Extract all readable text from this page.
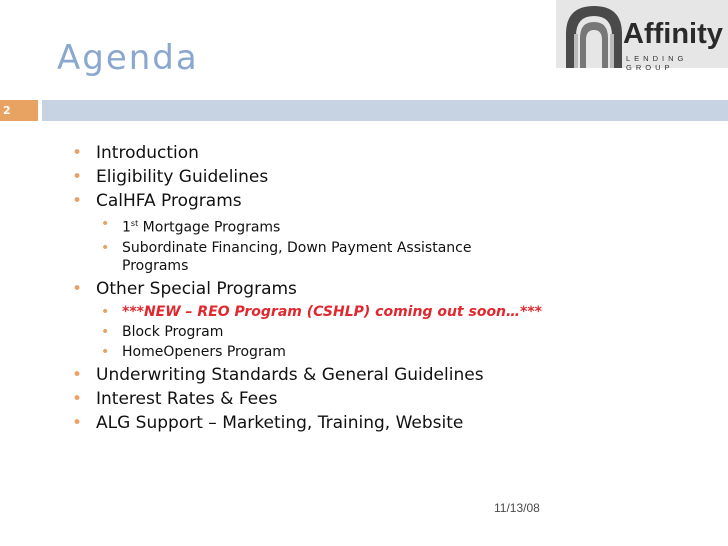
Agenda
Affinity
LENDING GROUP
2
• Introduction
• Eligibility Guidelines
• CalHFA Programs
• 1st Mortgage Programs
• Subordinate Financing, Down Payment Assistance
Programs
• Other Special Programs
• ***NEW – REO Program (CSHLP) coming out soon…***
• Block Program
• HomeOpeners Program
• Underwriting Standards & General Guidelines
• Interest Rates & Fees
• ALG Support – Marketing, Training, Website
11/13/08
